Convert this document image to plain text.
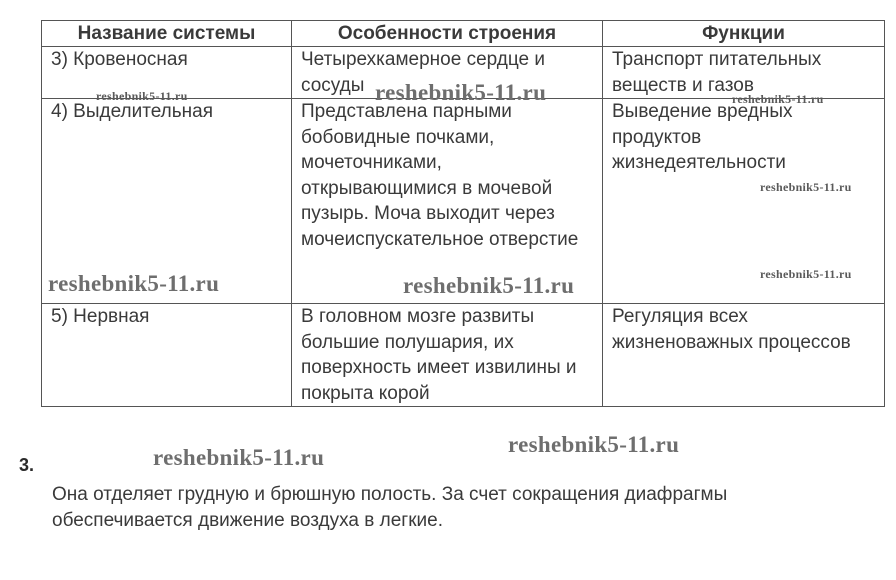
Название системы	Особенности строения	Функции
3) Кровеносная	Четырехкамерное сердце и сосуды	Транспорт питательных веществ и газов
4) Выделительная	Представлена парными бобовидные почками, мочеточниками, открывающимися в мочевой пузырь. Моча выходит через мочеиспускательное отверстие	Выведение вредных продуктов жизнедеятельности
5) Нервная	В головном мозге развиты большие полушария, их поверхность имеет извилины и покрыта корой	Регуляция всех жизненоважных процессов
3.
Она отделяет грудную и брюшную полость. За счет сокращения диафрагмы обеспечивается движение воздуха в легкие.
reshebnik5-11.ru	reshebnik5-11.ru	reshebnik5-11.ru
reshebnik5-11.ru
reshebnik5-11.ru
reshebnik5-11.ru	reshebnik5-11.ru
reshebnik5-11.ru
reshebnik5-11.ru
